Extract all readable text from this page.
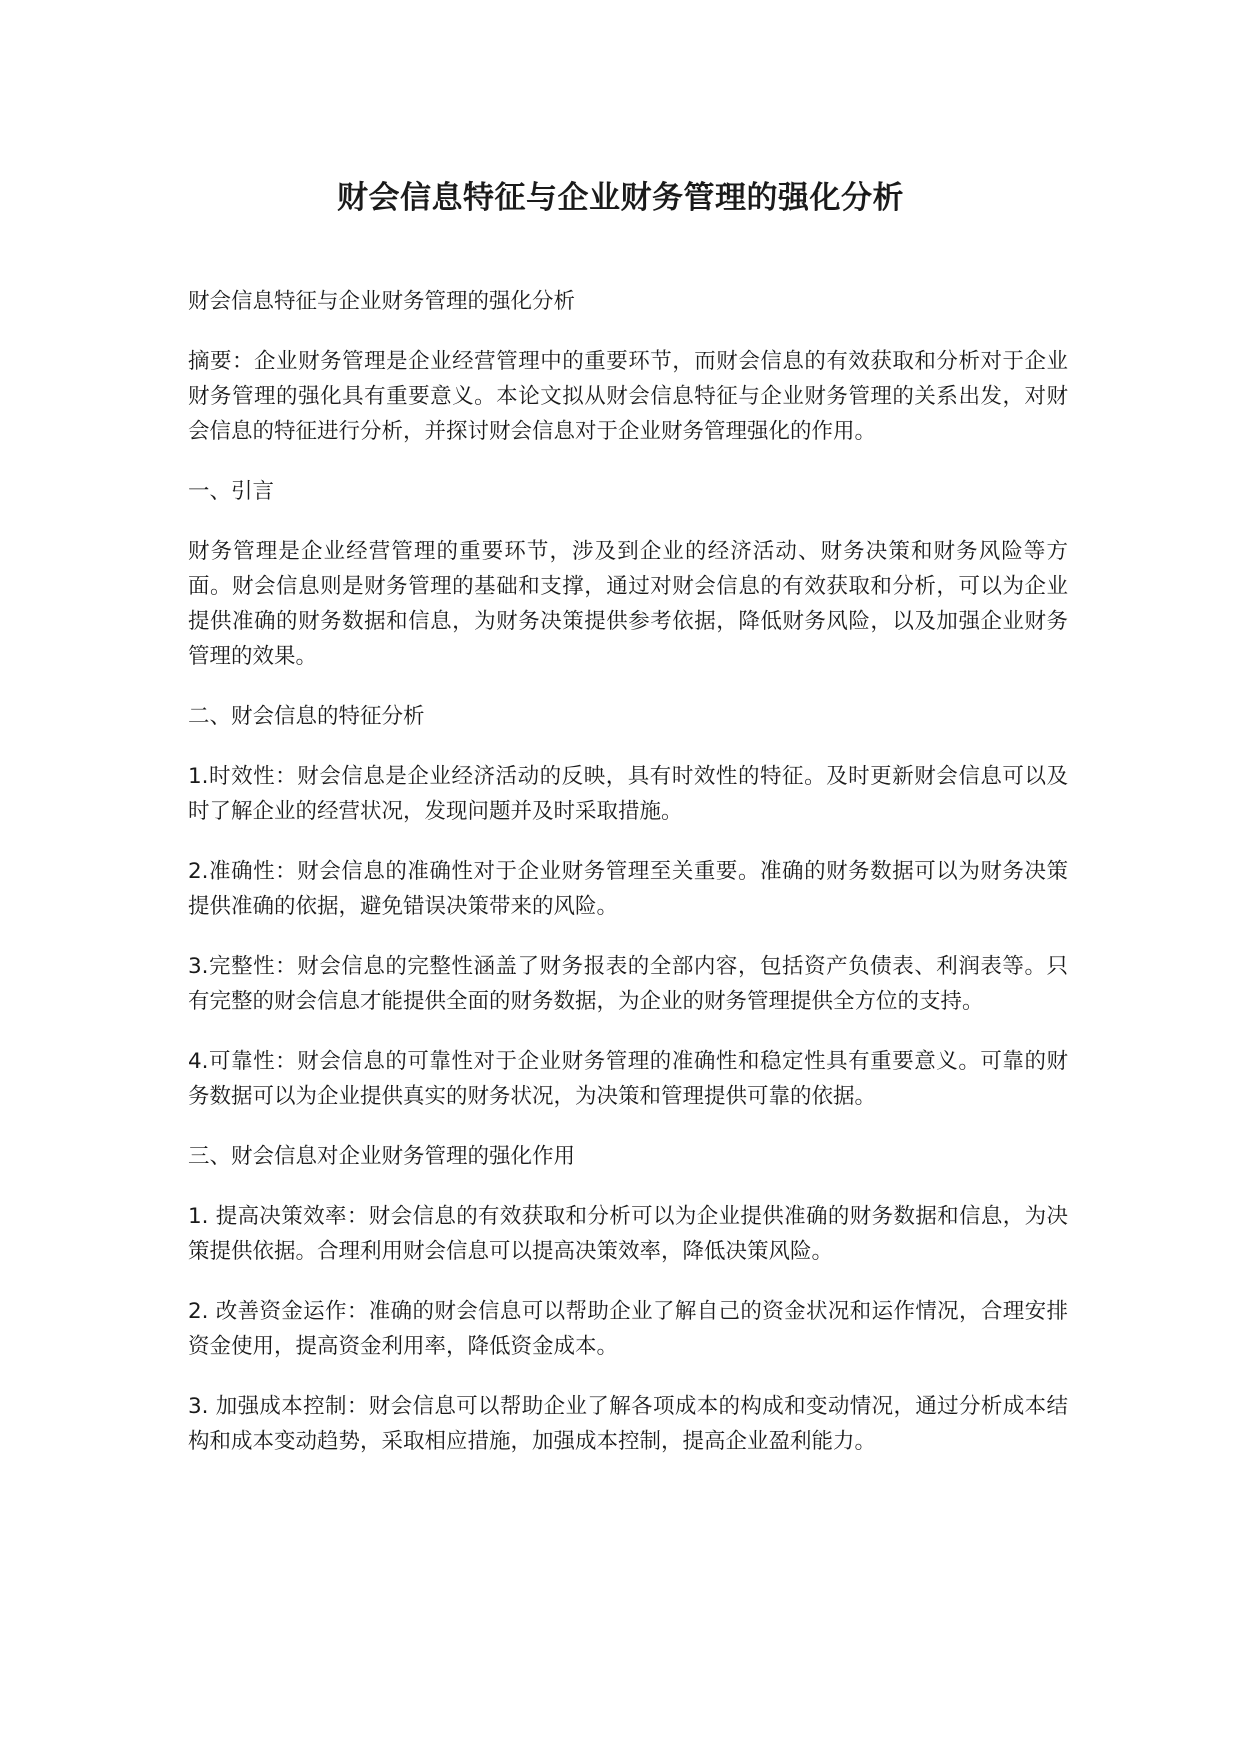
财会信息特征与企业财务管理的强化分析

财会信息特征与企业财务管理的强化分析

摘要：企业财务管理是企业经营管理中的重要环节，而财会信息的有效获取和分析对于企业财务管理的强化具有重要意义。本论文拟从财会信息特征与企业财务管理的关系出发，对财会信息的特征进行分析，并探讨财会信息对于企业财务管理强化的作用。

一、引言

财务管理是企业经营管理的重要环节，涉及到企业的经济活动、财务决策和财务风险等方面。财会信息则是财务管理的基础和支撑，通过对财会信息的有效获取和分析，可以为企业提供准确的财务数据和信息，为财务决策提供参考依据，降低财务风险，以及加强企业财务管理的效果。

二、财会信息的特征分析

1.时效性：财会信息是企业经济活动的反映，具有时效性的特征。及时更新财会信息可以及时了解企业的经营状况，发现问题并及时采取措施。

2.准确性：财会信息的准确性对于企业财务管理至关重要。准确的财务数据可以为财务决策提供准确的依据，避免错误决策带来的风险。

3.完整性：财会信息的完整性涵盖了财务报表的全部内容，包括资产负债表、利润表等。只有完整的财会信息才能提供全面的财务数据，为企业的财务管理提供全方位的支持。

4.可靠性：财会信息的可靠性对于企业财务管理的准确性和稳定性具有重要意义。可靠的财务数据可以为企业提供真实的财务状况，为决策和管理提供可靠的依据。

三、财会信息对企业财务管理的强化作用

1. 提高决策效率：财会信息的有效获取和分析可以为企业提供准确的财务数据和信息，为决策提供依据。合理利用财会信息可以提高决策效率，降低决策风险。

2. 改善资金运作：准确的财会信息可以帮助企业了解自己的资金状况和运作情况，合理安排资金使用，提高资金利用率，降低资金成本。

3. 加强成本控制：财会信息可以帮助企业了解各项成本的构成和变动情况，通过分析成本结构和成本变动趋势，采取相应措施，加强成本控制，提高企业盈利能力。
